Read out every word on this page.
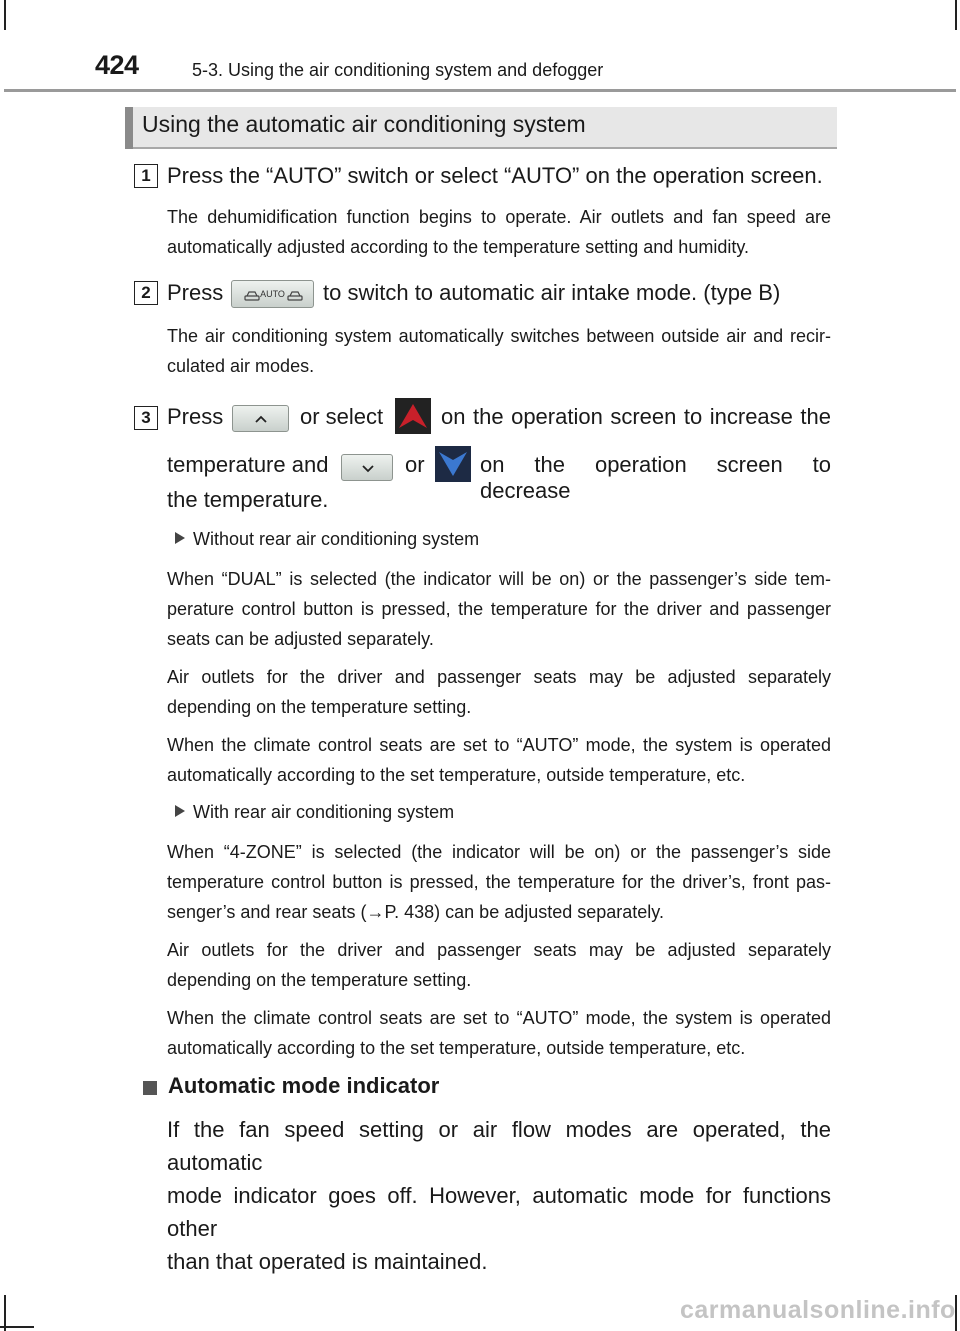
424	5-3. Using the air conditioning system and defogger
Using the automatic air conditioning system
1 Press the “AUTO” switch or select “AUTO” on the operation screen.
The dehumidification function begins to operate. Air outlets and fan speed are
automatically adjusted according to the temperature setting and humidity.
2 Press	AUTO	to switch to automatic air intake mode. (type B)
The air conditioning system automatically switches between outside air and recir-
culated air modes.
3 Press	or select	on the operation screen to increase the
temperature and	or	on the operation screen to decrease
the temperature.
Without rear air conditioning system
When “DUAL” is selected (the indicator will be on) or the passenger’s side tem-
perature control button is pressed, the temperature for the driver and passenger
seats can be adjusted separately.
Air outlets for the driver and passenger seats may be adjusted separately
depending on the temperature setting.
When the climate control seats are set to “AUTO” mode, the system is operated
automatically according to the set temperature, outside temperature, etc.
With rear air conditioning system
When “4-ZONE” is selected (the indicator will be on) or the passenger’s side
temperature control button is pressed, the temperature for the driver’s, front pas-
senger’s and rear seats (→P. 438) can be adjusted separately.
Air outlets for the driver and passenger seats may be adjusted separately
depending on the temperature setting.
When the climate control seats are set to “AUTO” mode, the system is operated
automatically according to the set temperature, outside temperature, etc.
Automatic mode indicator
If the fan speed setting or air flow modes are operated, the automatic
mode indicator goes off. However, automatic mode for functions other
than that operated is maintained.
carmanualsonline.info
